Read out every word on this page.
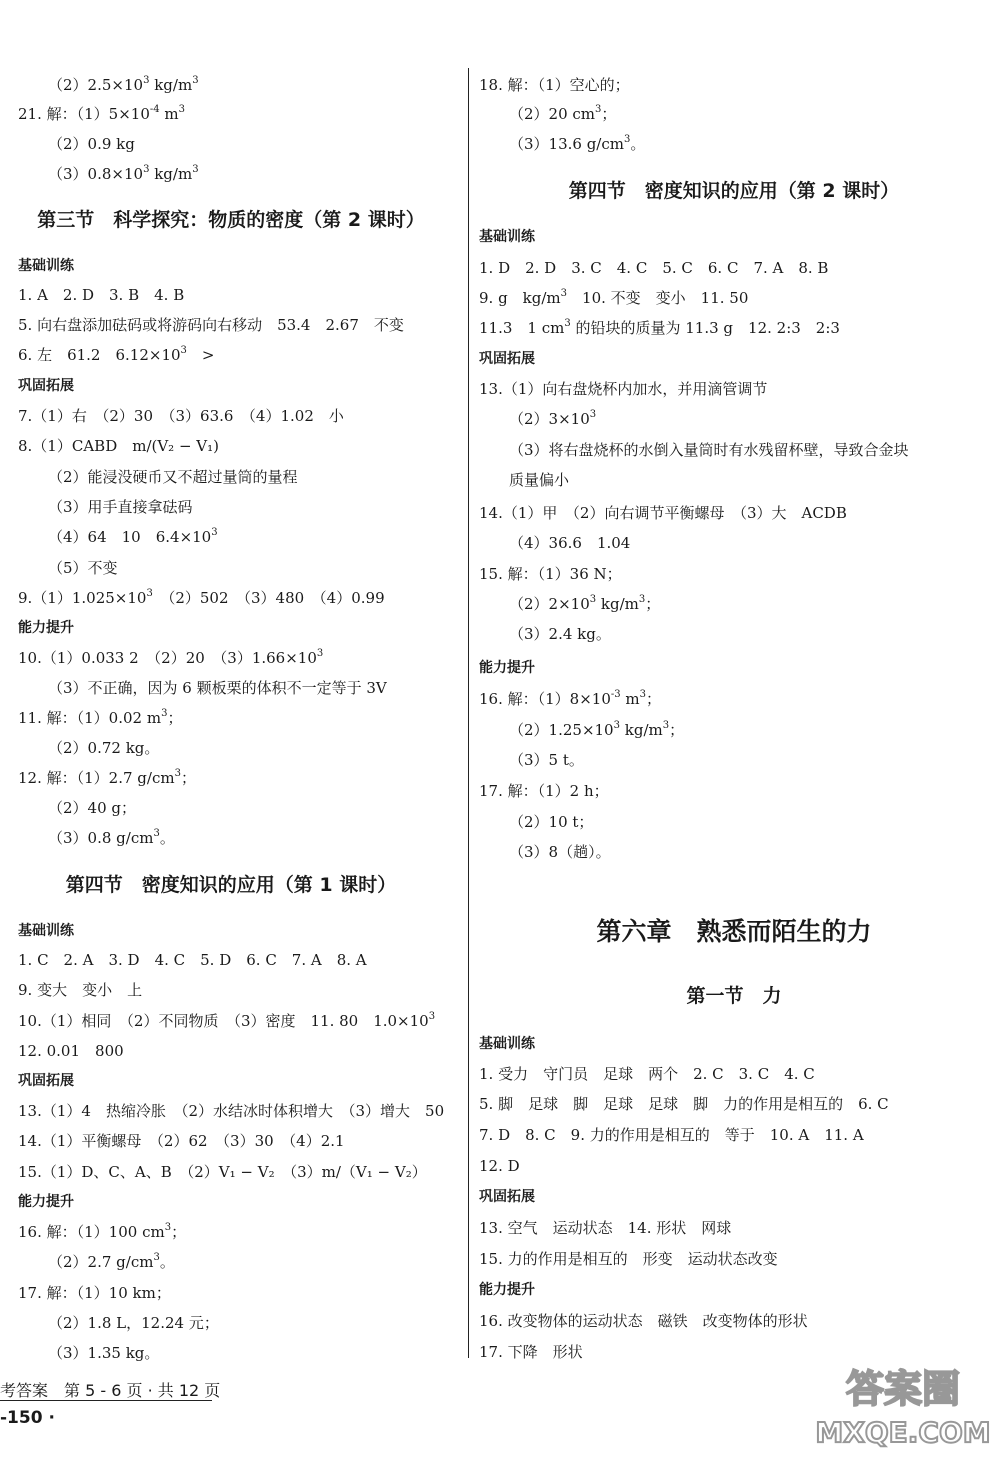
$(2)2.5\times 10^3$ $kg/m^3$
21. 解：$(1)5\times 10^{-4}$ $m^3$
（2）0.9 kg
$(3)0.8\times 10^3$ $kg/m^3$
第三节　科学探究：物质的密度（第 2 课时）
基础训练
1. A　2. D　3. B　4. B
5. 向右盘添加砝码或将游码向右移动　53.4　2.67　不变
6. 左　61.2　$6.12\times 10^3$　>
巩固拓展
7.（1）右　（2）30　（3）63.6　（4）1.02　小
8.（1）CABD　m/(V₂ − V₁)
（2）能浸没硬币又不超过量筒的量程
（3）用手直接拿砝码
（4）64　10　$6.4\times 10^3$
（5）不变
$9.(1)1.025\times 10^3$　（2）502　（3）480　（4）0.99
能力提升
10.（1）0.033 2　（2）20　$(3)1.66\times 10^3$
（3）不正确，因为 6 颗板栗的体积不一定等于 3V
11. 解：（1）0.02 $m^3$；
（2）0.72 kg。
12. 解：（1）2.7 $g/cm^3$；
（2）40 g；
（3）0.8 $g/cm^3$。
第四节　密度知识的应用（第 1 课时）
基础训练
1. C　2. A　3. D　4. C　5. D　6. C　7. A　8. A
9. 变大　变小　上
10.（1）相同　（2）不同物质　（3）密度　11. 80　$1.0\times 10^3$
12. 0.01　800
巩固拓展
13.（1）4　热缩冷胀　（2）水结冰时体积增大　（3）增大　50
14.（1）平衡螺母　（2）62　（3）30　（4）2.1
15.（1）D、C、A、B　（2）V₁ − V₂　（3）m/（V₁ − V₂）
能力提升
16. 解：（1）100 $cm^3$；
（2）2.7 $g/cm^3$。
17. 解：（1）10 km；
（2）1.8 L，12.24 元；
（3）1.35 kg。
18. 解：（1）空心的；
（2）20 $cm^3$；
（3）13.6 $g/cm^3$。
第四节　密度知识的应用（第 2 课时）
基础训练
1. D　2. D　3. C　4. C　5. C　6. C　7. A　8. B
9. g　$kg/m^3$　10. 不变　变小　11. 50
11.3　1 $cm^3$ 的铅块的质量为 11.3 g　12. 2:3　2:3
巩固拓展
13.（1）向右盘烧杯内加水，并用滴管调节
$(2)3\times 10^3$
（3）将右盘烧杯的水倒入量筒时有水残留杯壁，导致合金块
质量偏小
14.（1）甲　（2）向右调节平衡螺母　（3）大　ACDB
（4）36.6　1.04
15. 解：（1）36 N；
$(2)2\times 10^3$ $kg/m^3$；
（3）2.4 kg。
能力提升
16. 解：$(1)8\times 10^{-3}$ $m^3$；
$(2)1.25\times 10^3$ $kg/m^3$；
（3）5 t。
17. 解：（1）2 h；
（2）10 t；
（3）8（趟）。
第六章　熟悉而陌生的力
第一节　力
基础训练
1. 受力　守门员　足球　两个　2. C　3. C　4. C
5. 脚　足球　脚　足球　足球　脚　力的作用是相互的　6. C
7. D　8. C　9. 力的作用是相互的　等于　10. A　11. A
12. D
巩固拓展
13. 空气　运动状态　14. 形状　网球
15. 力的作用是相互的　形变　运动状态改变
能力提升
16. 改变物体的运动状态　磁铁　改变物体的形状
17. 下降　形状
考答案　第 5 - 6 页 · 共 12 页
-150 ·
答案圈
MXQE.COM
